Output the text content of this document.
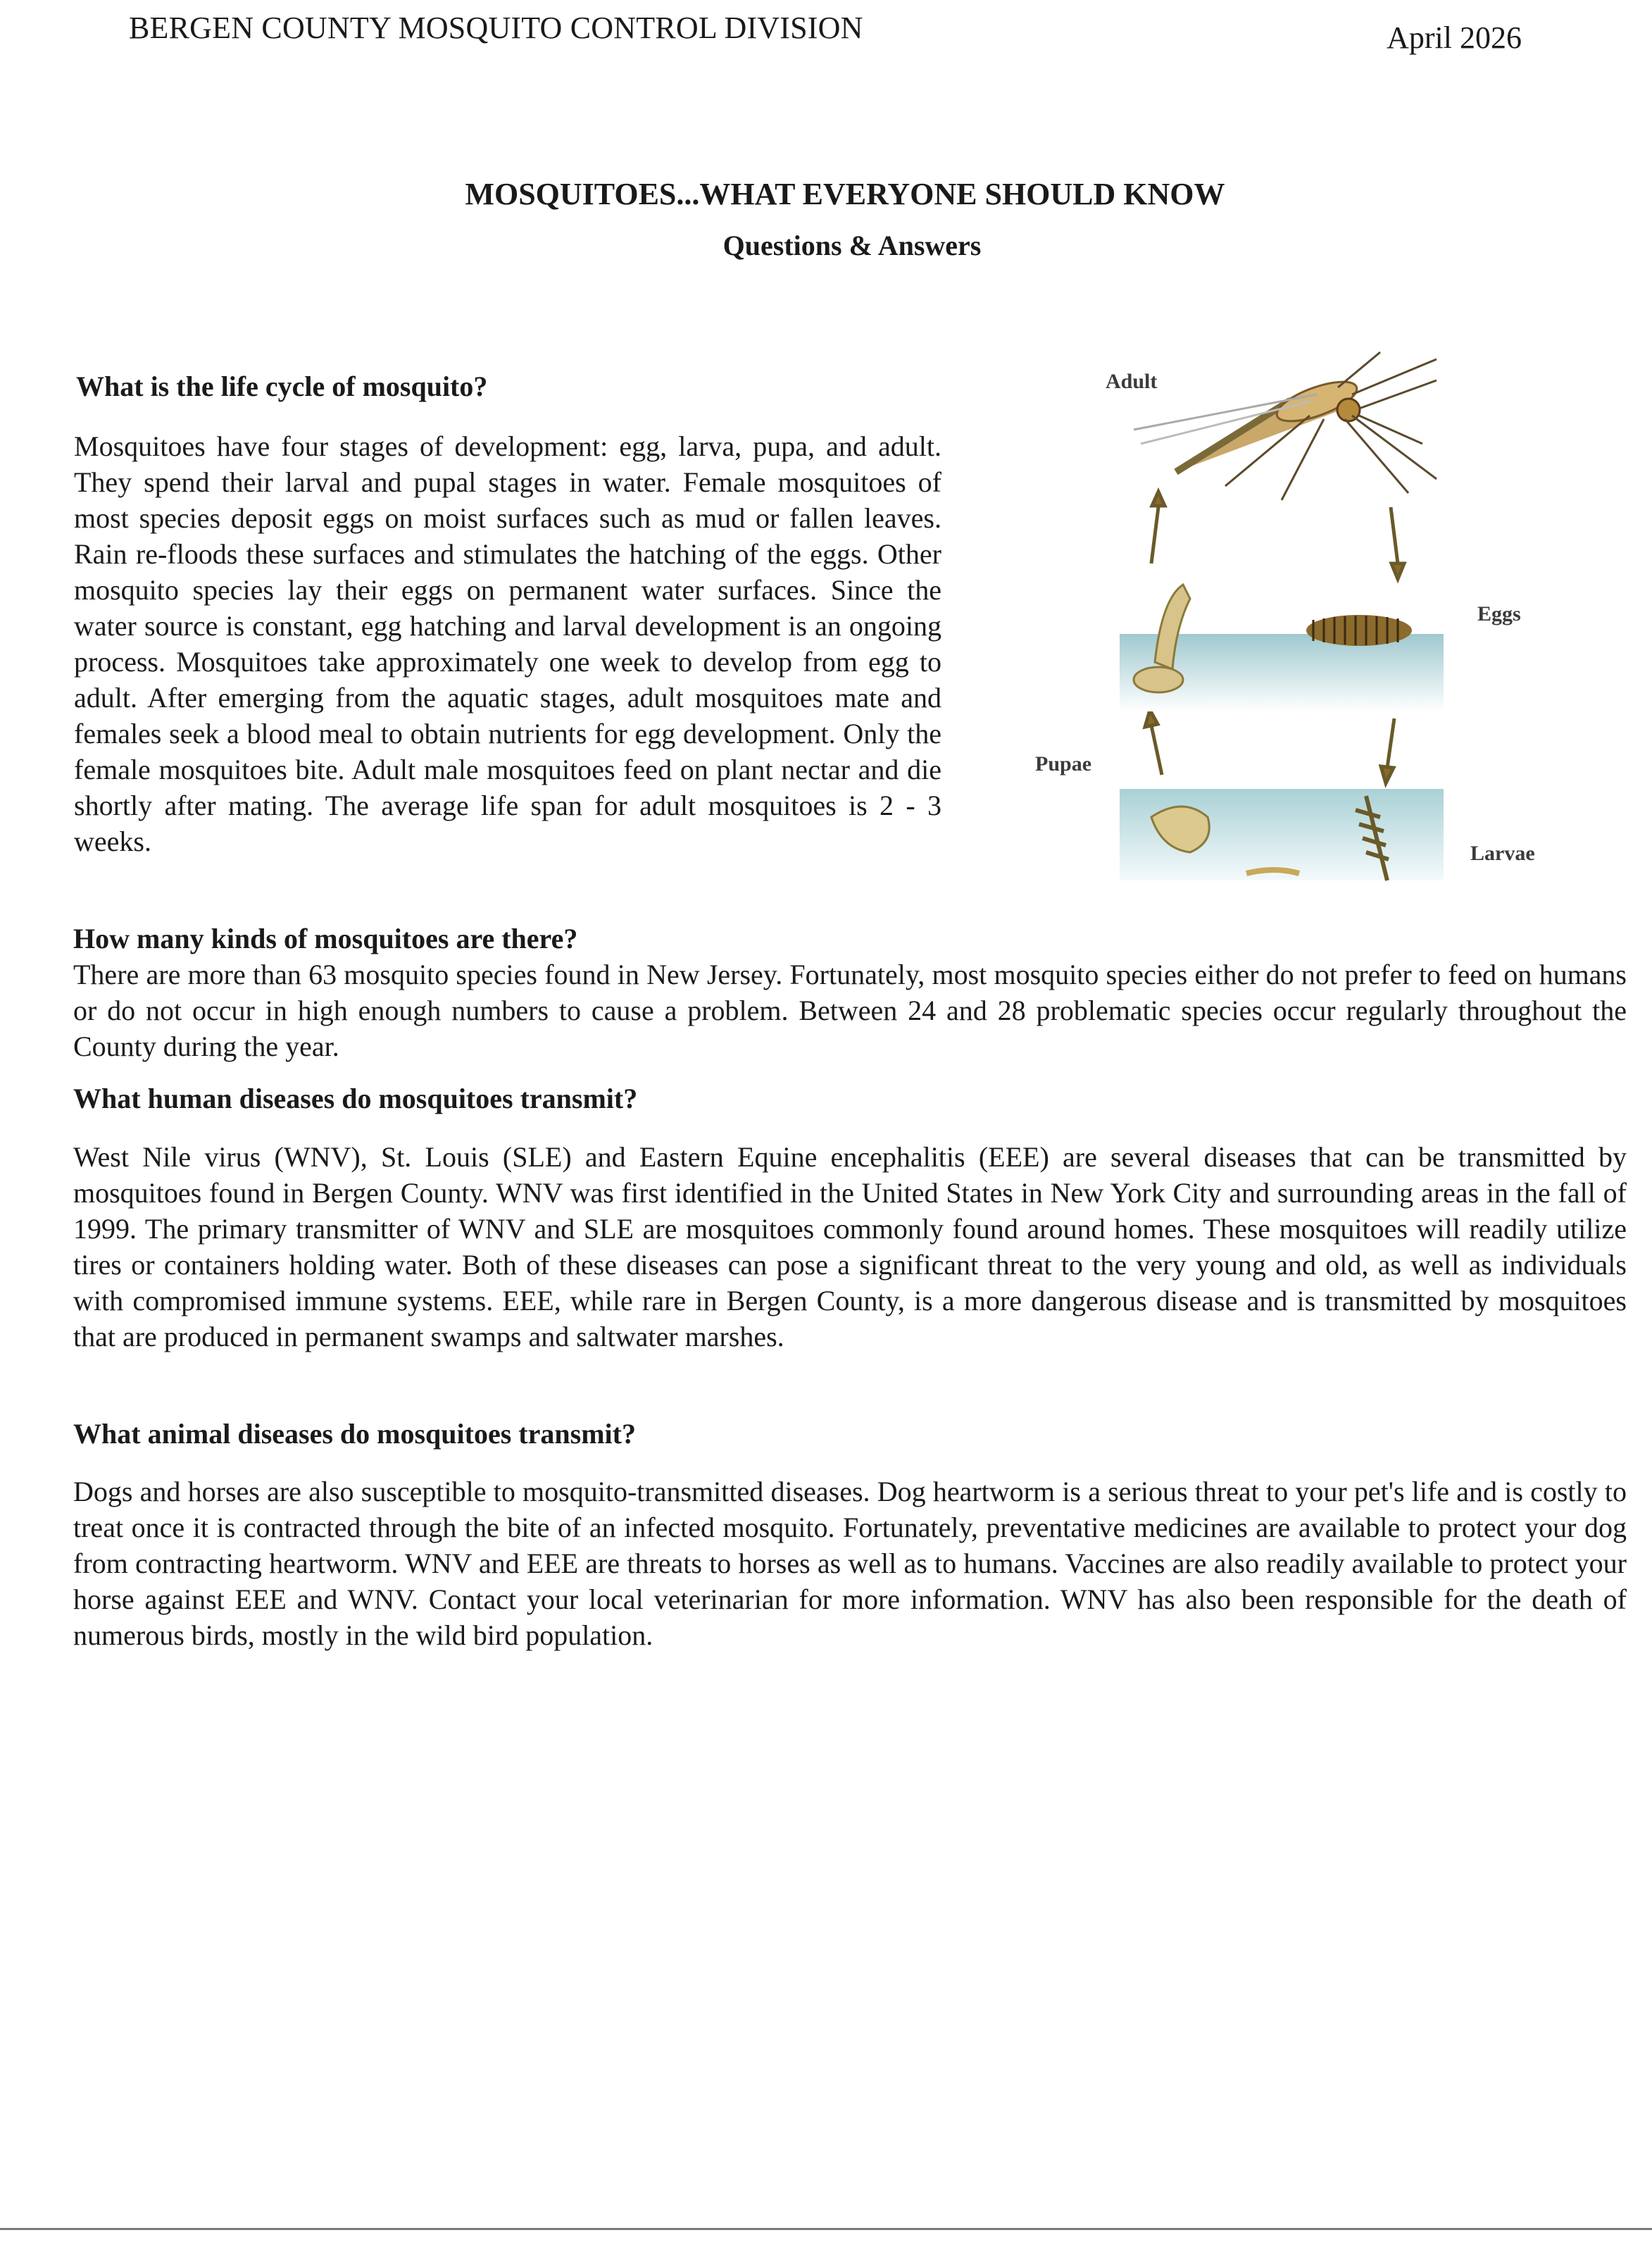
BERGEN COUNTY MOSQUITO CONTROL DIVISION	April 2026
MOSQUITOES...WHAT EVERYONE SHOULD KNOW
Questions & Answers
What is the life cycle of mosquito?
Mosquitoes have four stages of development: egg, larva, pupa, and adult. They spend their larval and pupal stages in water. Female mosquitoes of most species deposit eggs on moist surfaces such as mud or fallen leaves. Rain re-floods these surfaces and stimulates the hatching of the eggs. Other mosquito species lay their eggs on permanent water surfaces. Since the water source is constant, egg hatching and larval development is an ongoing process. Mosquitoes take approximately one week to develop from egg to adult. After emerging from the aquatic stages, adult mosquitoes mate and females seek a blood meal to obtain nutrients for egg development. Only the female mosquitoes bite. Adult male mosquitoes feed on plant nectar and die shortly after mating. The average life span for adult mosquitoes is 2 - 3 weeks.
Adult
Eggs
Pupae
Larvae
How many kinds of mosquitoes are there?
There are more than 63 mosquito species found in New Jersey. Fortunately, most mosquito species either do not prefer to feed on humans or do not occur in high enough numbers to cause a problem. Between 24 and 28 problematic species occur regularly throughout the County during the year.
What human diseases do mosquitoes transmit?
West Nile virus (WNV), St. Louis (SLE) and Eastern Equine encephalitis (EEE) are several diseases that can be transmitted by mosquitoes found in Bergen County. WNV was first identified in the United States in New York City and surrounding areas in the fall of 1999. The primary transmitter of WNV and SLE are mosquitoes commonly found around homes. These mosquitoes will readily utilize tires or containers holding water. Both of these diseases can pose a significant threat to the very young and old, as well as individuals with compromised immune systems. EEE, while rare in Bergen County, is a more dangerous disease and is transmitted by mosquitoes that are produced in permanent swamps and saltwater marshes.
What animal diseases do mosquitoes transmit?
Dogs and horses are also susceptible to mosquito-transmitted diseases. Dog heartworm is a serious threat to your pet's life and is costly to treat once it is contracted through the bite of an infected mosquito. Fortunately, preventative medicines are available to protect your dog from contracting heartworm. WNV and EEE are threats to horses as well as to humans. Vaccines are also readily available to protect your horse against EEE and WNV. Contact your local veterinarian for more information. WNV has also been responsible for the death of numerous birds, mostly in the wild bird population.
